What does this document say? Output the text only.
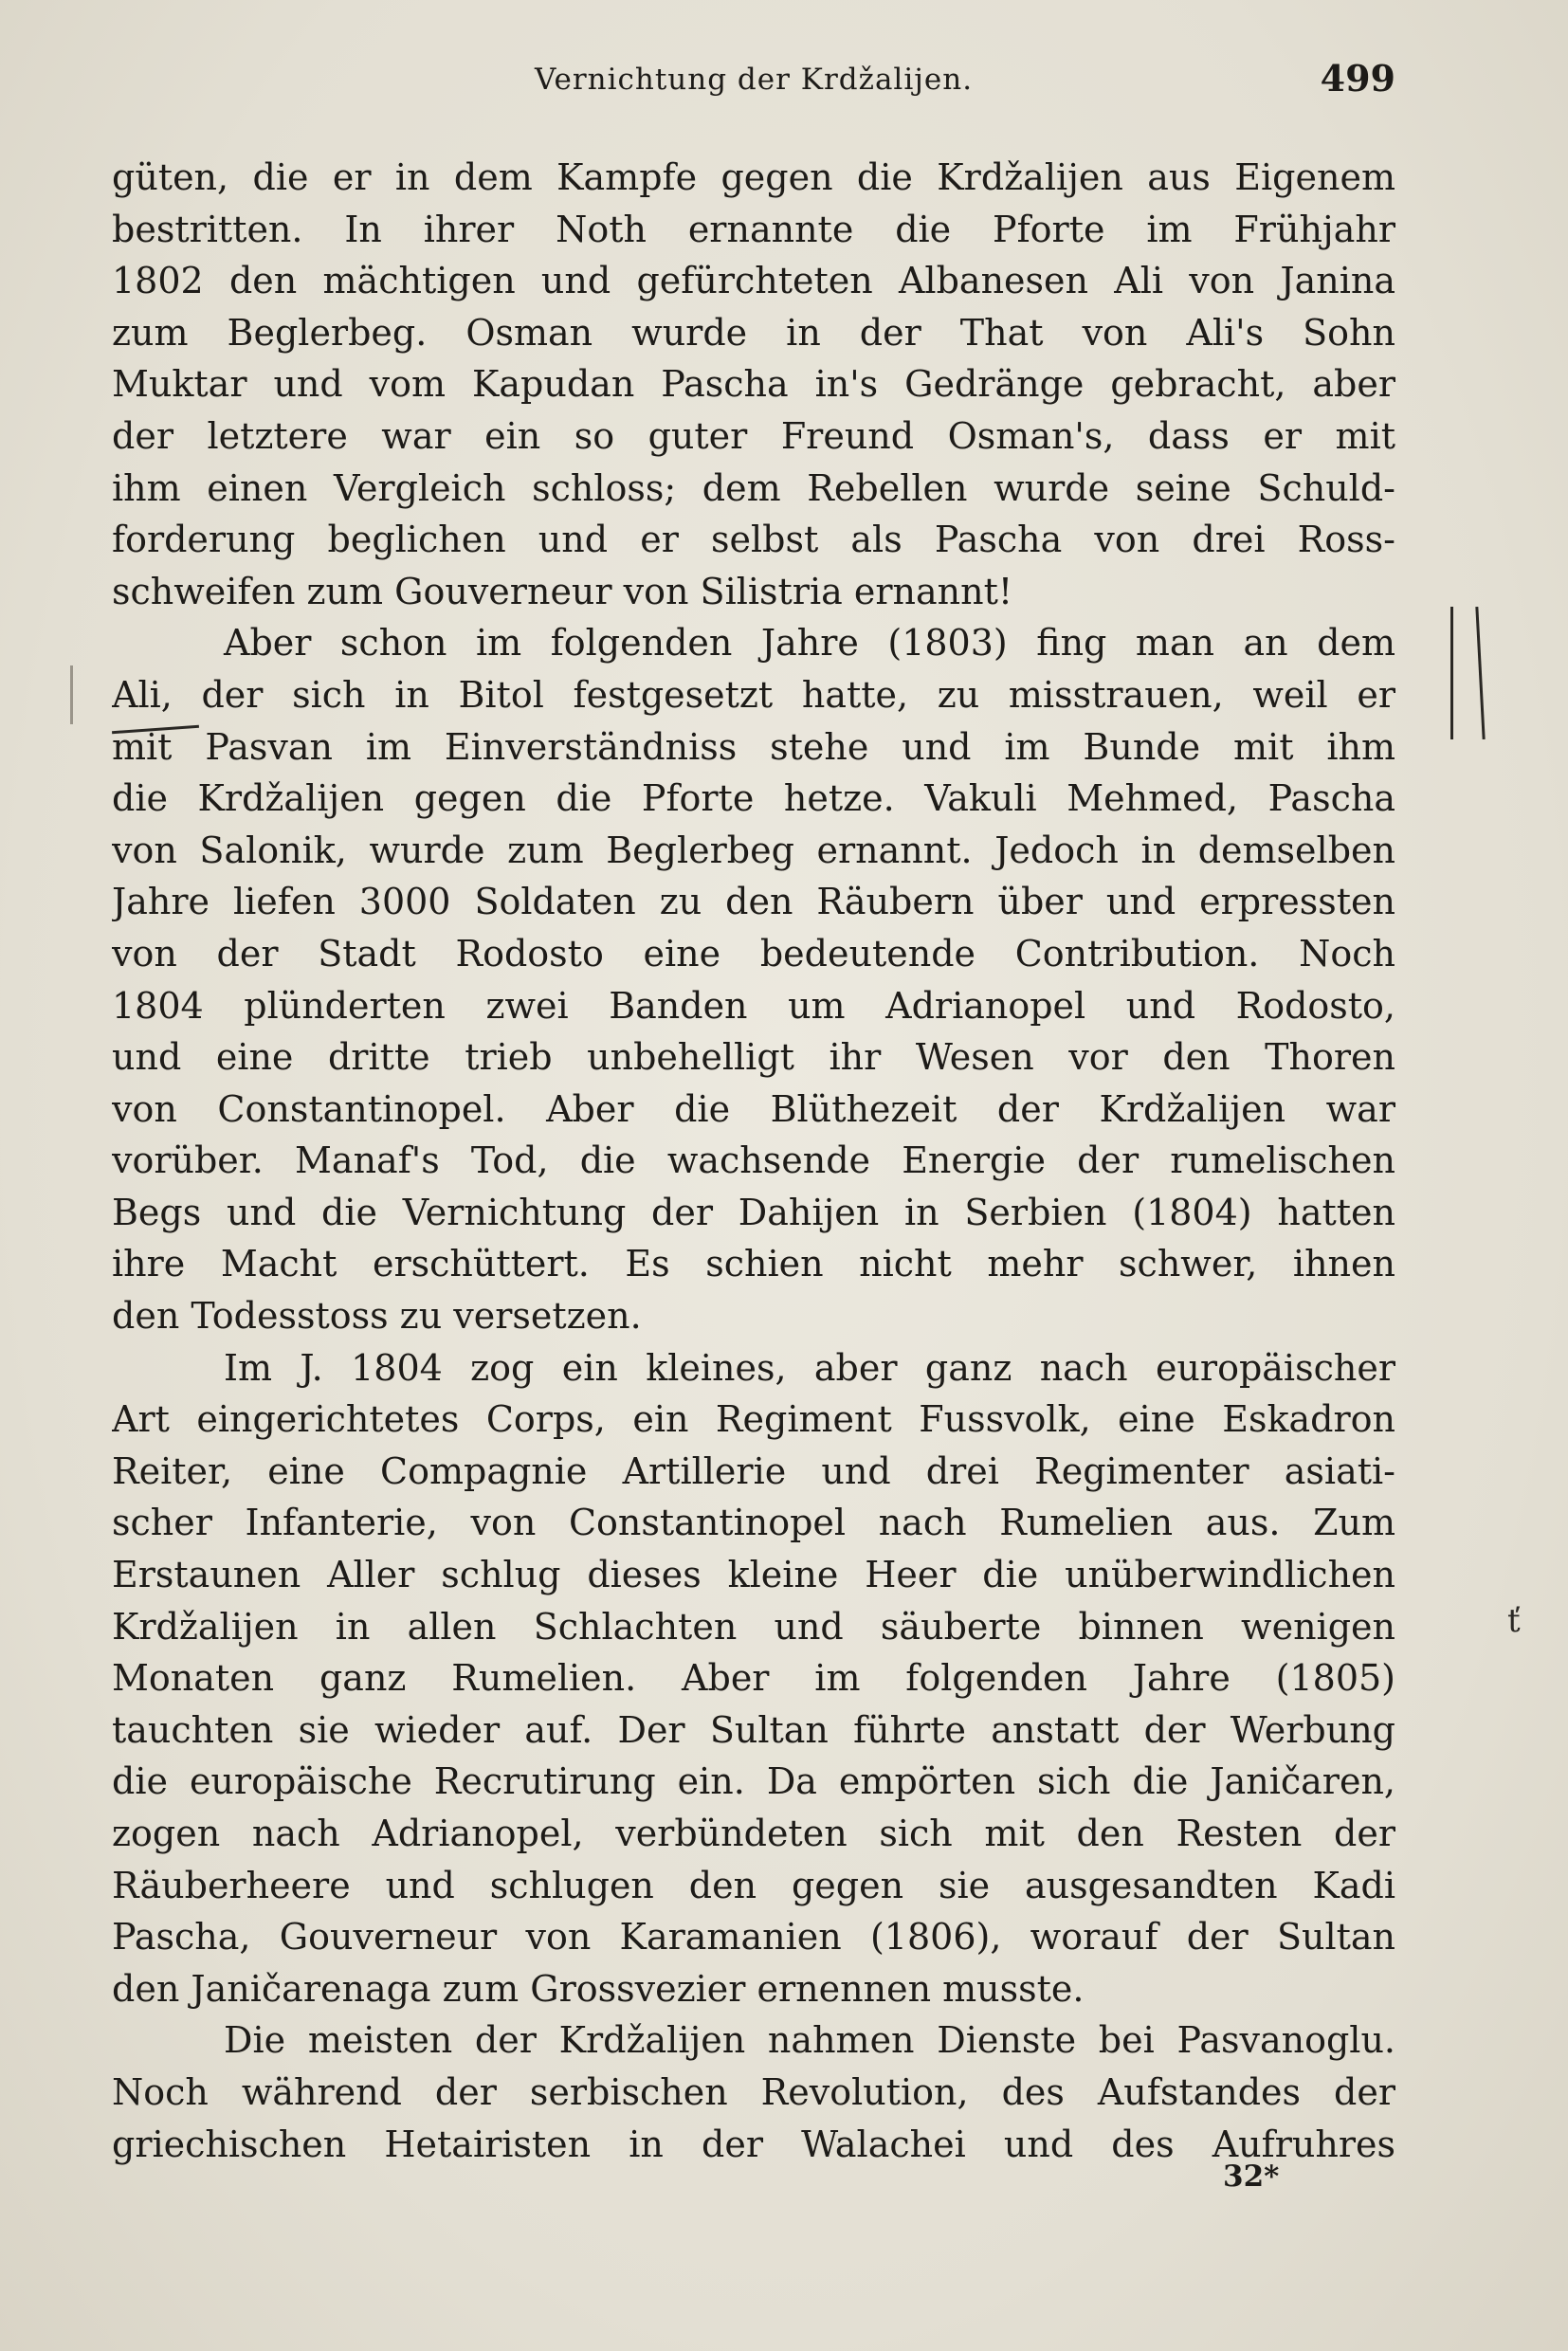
Vernichtung der Krdžalijen.	499
ť
güten, die er in dem Kampfe gegen die Krdžalijen aus Eigenem
bestritten. In ihrer Noth ernannte die Pforte im Frühjahr
1802 den mächtigen und gefürchteten Albanesen Ali von Janina
zum Beglerbeg. Osman wurde in der That von Ali's Sohn
Muktar und vom Kapudan Pascha in's Gedränge gebracht, aber
der letztere war ein so guter Freund Osman's, dass er mit
ihm einen Vergleich schloss; dem Rebellen wurde seine Schuld-
forderung beglichen und er selbst als Pascha von drei Ross-
schweifen zum Gouverneur von Silistria ernannt!
Aber schon im folgenden Jahre (1803) fing man an dem
Ali, der sich in Bitol festgesetzt hatte, zu misstrauen, weil er
mit Pasvan im Einverständniss stehe und im Bunde mit ihm
die Krdžalijen gegen die Pforte hetze. Vakuli Mehmed, Pascha
von Salonik, wurde zum Beglerbeg ernannt. Jedoch in demselben
Jahre liefen 3000 Soldaten zu den Räubern über und erpressten
von der Stadt Rodosto eine bedeutende Contribution. Noch
1804 plünderten zwei Banden um Adrianopel und Rodosto,
und eine dritte trieb unbehelligt ihr Wesen vor den Thoren
von Constantinopel. Aber die Blüthezeit der Krdžalijen war
vorüber. Manaf's Tod, die wachsende Energie der rumelischen
Begs und die Vernichtung der Dahijen in Serbien (1804) hatten
ihre Macht erschüttert. Es schien nicht mehr schwer, ihnen
den Todesstoss zu versetzen.
Im J. 1804 zog ein kleines, aber ganz nach europäischer
Art eingerichtetes Corps, ein Regiment Fussvolk, eine Eskadron
Reiter, eine Compagnie Artillerie und drei Regimenter asiati-
scher Infanterie, von Constantinopel nach Rumelien aus. Zum
Erstaunen Aller schlug dieses kleine Heer die unüberwindlichen
Krdžalijen in allen Schlachten und säuberte binnen wenigen
Monaten ganz Rumelien. Aber im folgenden Jahre (1805)
tauchten sie wieder auf. Der Sultan führte anstatt der Werbung
die europäische Recrutirung ein. Da empörten sich die Janičaren,
zogen nach Adrianopel, verbündeten sich mit den Resten der
Räuberheere und schlugen den gegen sie ausgesandten Kadi
Pascha, Gouverneur von Karamanien (1806), worauf der Sultan
den Janičarenaga zum Grossvezier ernennen musste.
Die meisten der Krdžalijen nahmen Dienste bei Pasvanoglu.
Noch während der serbischen Revolution, des Aufstandes der
griechischen Hetairisten in der Walachei und des Aufruhres
32*
